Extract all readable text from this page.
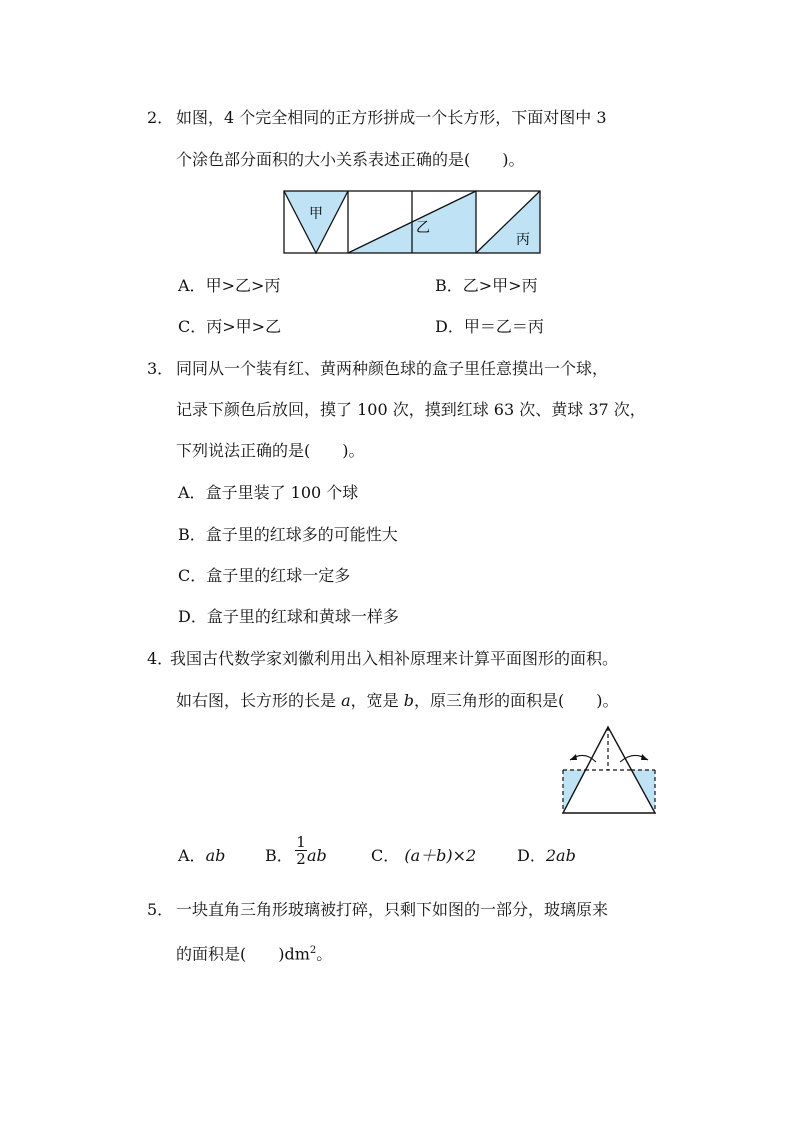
2． 如图，4 个完全相同的正方形拼成一个长方形，下面对图中 3
个涂色部分面积的大小关系表述正确的是(　　)。
甲
乙
丙
A．甲>乙>丙	B．乙>甲>丙
C．丙>甲>乙	D．甲＝乙＝丙
3． 同同从一个装有红、黄两种颜色球的盒子里任意摸出一个球，
记录下颜色后放回，摸了 100 次，摸到红球 63 次、黄球 37 次，
下列说法正确的是(　　)。
A．盒子里装了 100 个球
B．盒子里的红球多的可能性大
C．盒子里的红球一定多
D．盒子里的红球和黄球一样多
4．
我国古代数学家刘徽利用出入相补原理来计算平面图形的面积。
如右图，长方形的长是 a，宽是 b，原三角形的面积是(　　)。
A．ab B． $\frac{1}{2}$ ab	C． (a＋b)×2	D．2ab
5． 一块直角三角形玻璃被打碎，只剩下如图的一部分，玻璃原来
的面积是(　　)$dm^2$。
